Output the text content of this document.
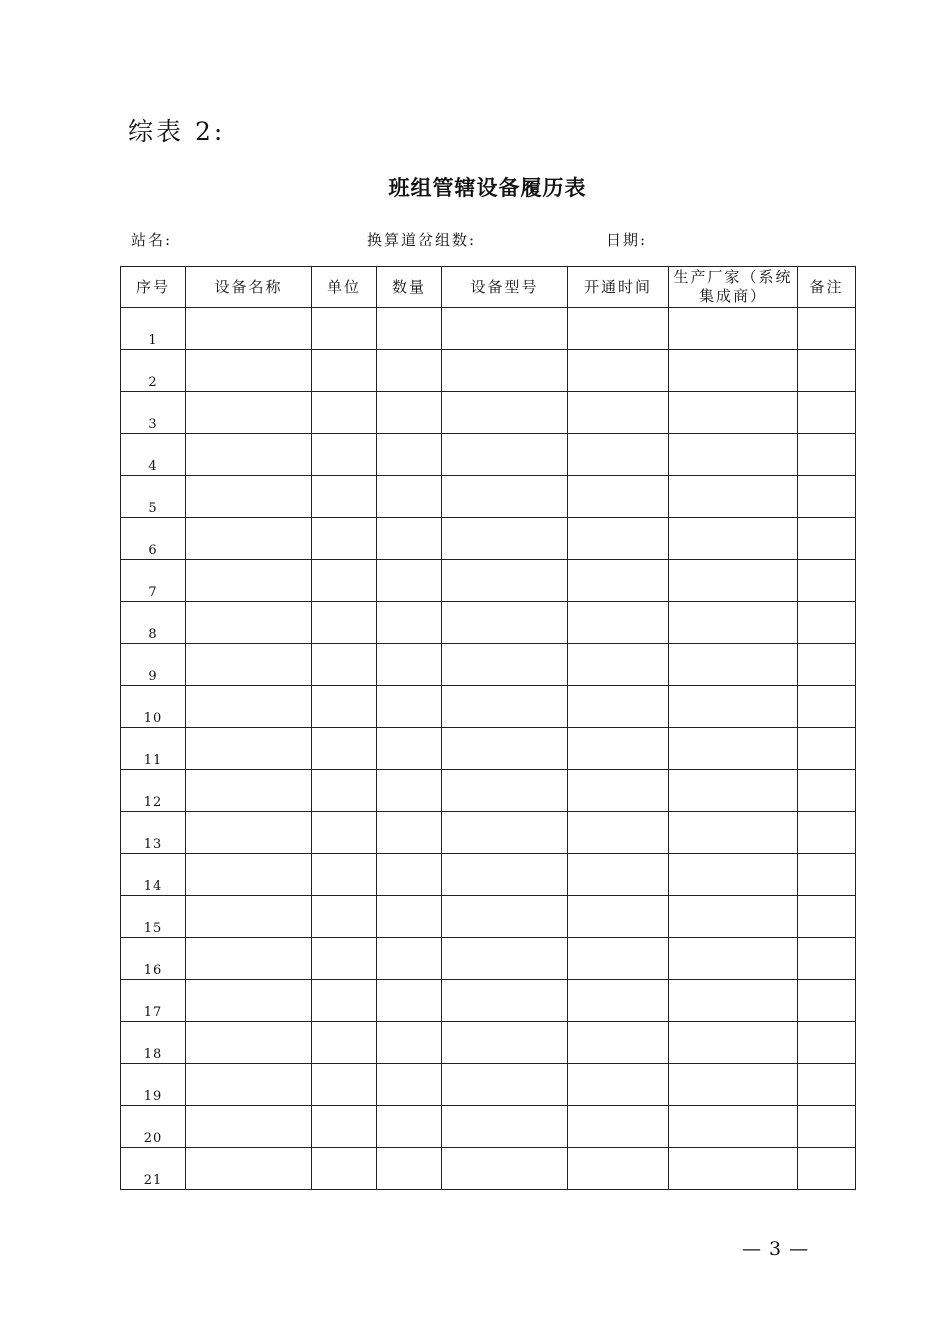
综表 2:
班组管辖设备履历表
站名:	换算道岔组数:	日期:
序号	设备名称	单位	数量	设备型号	开通时间	生产厂家（系统集成商）	备注
1							
2							
3							
4							
5							
6							
7							
8							
9							
10							
11							
12							
13							
14							
15							
16							
17							
18							
19							
20							
21							
— 3 —
